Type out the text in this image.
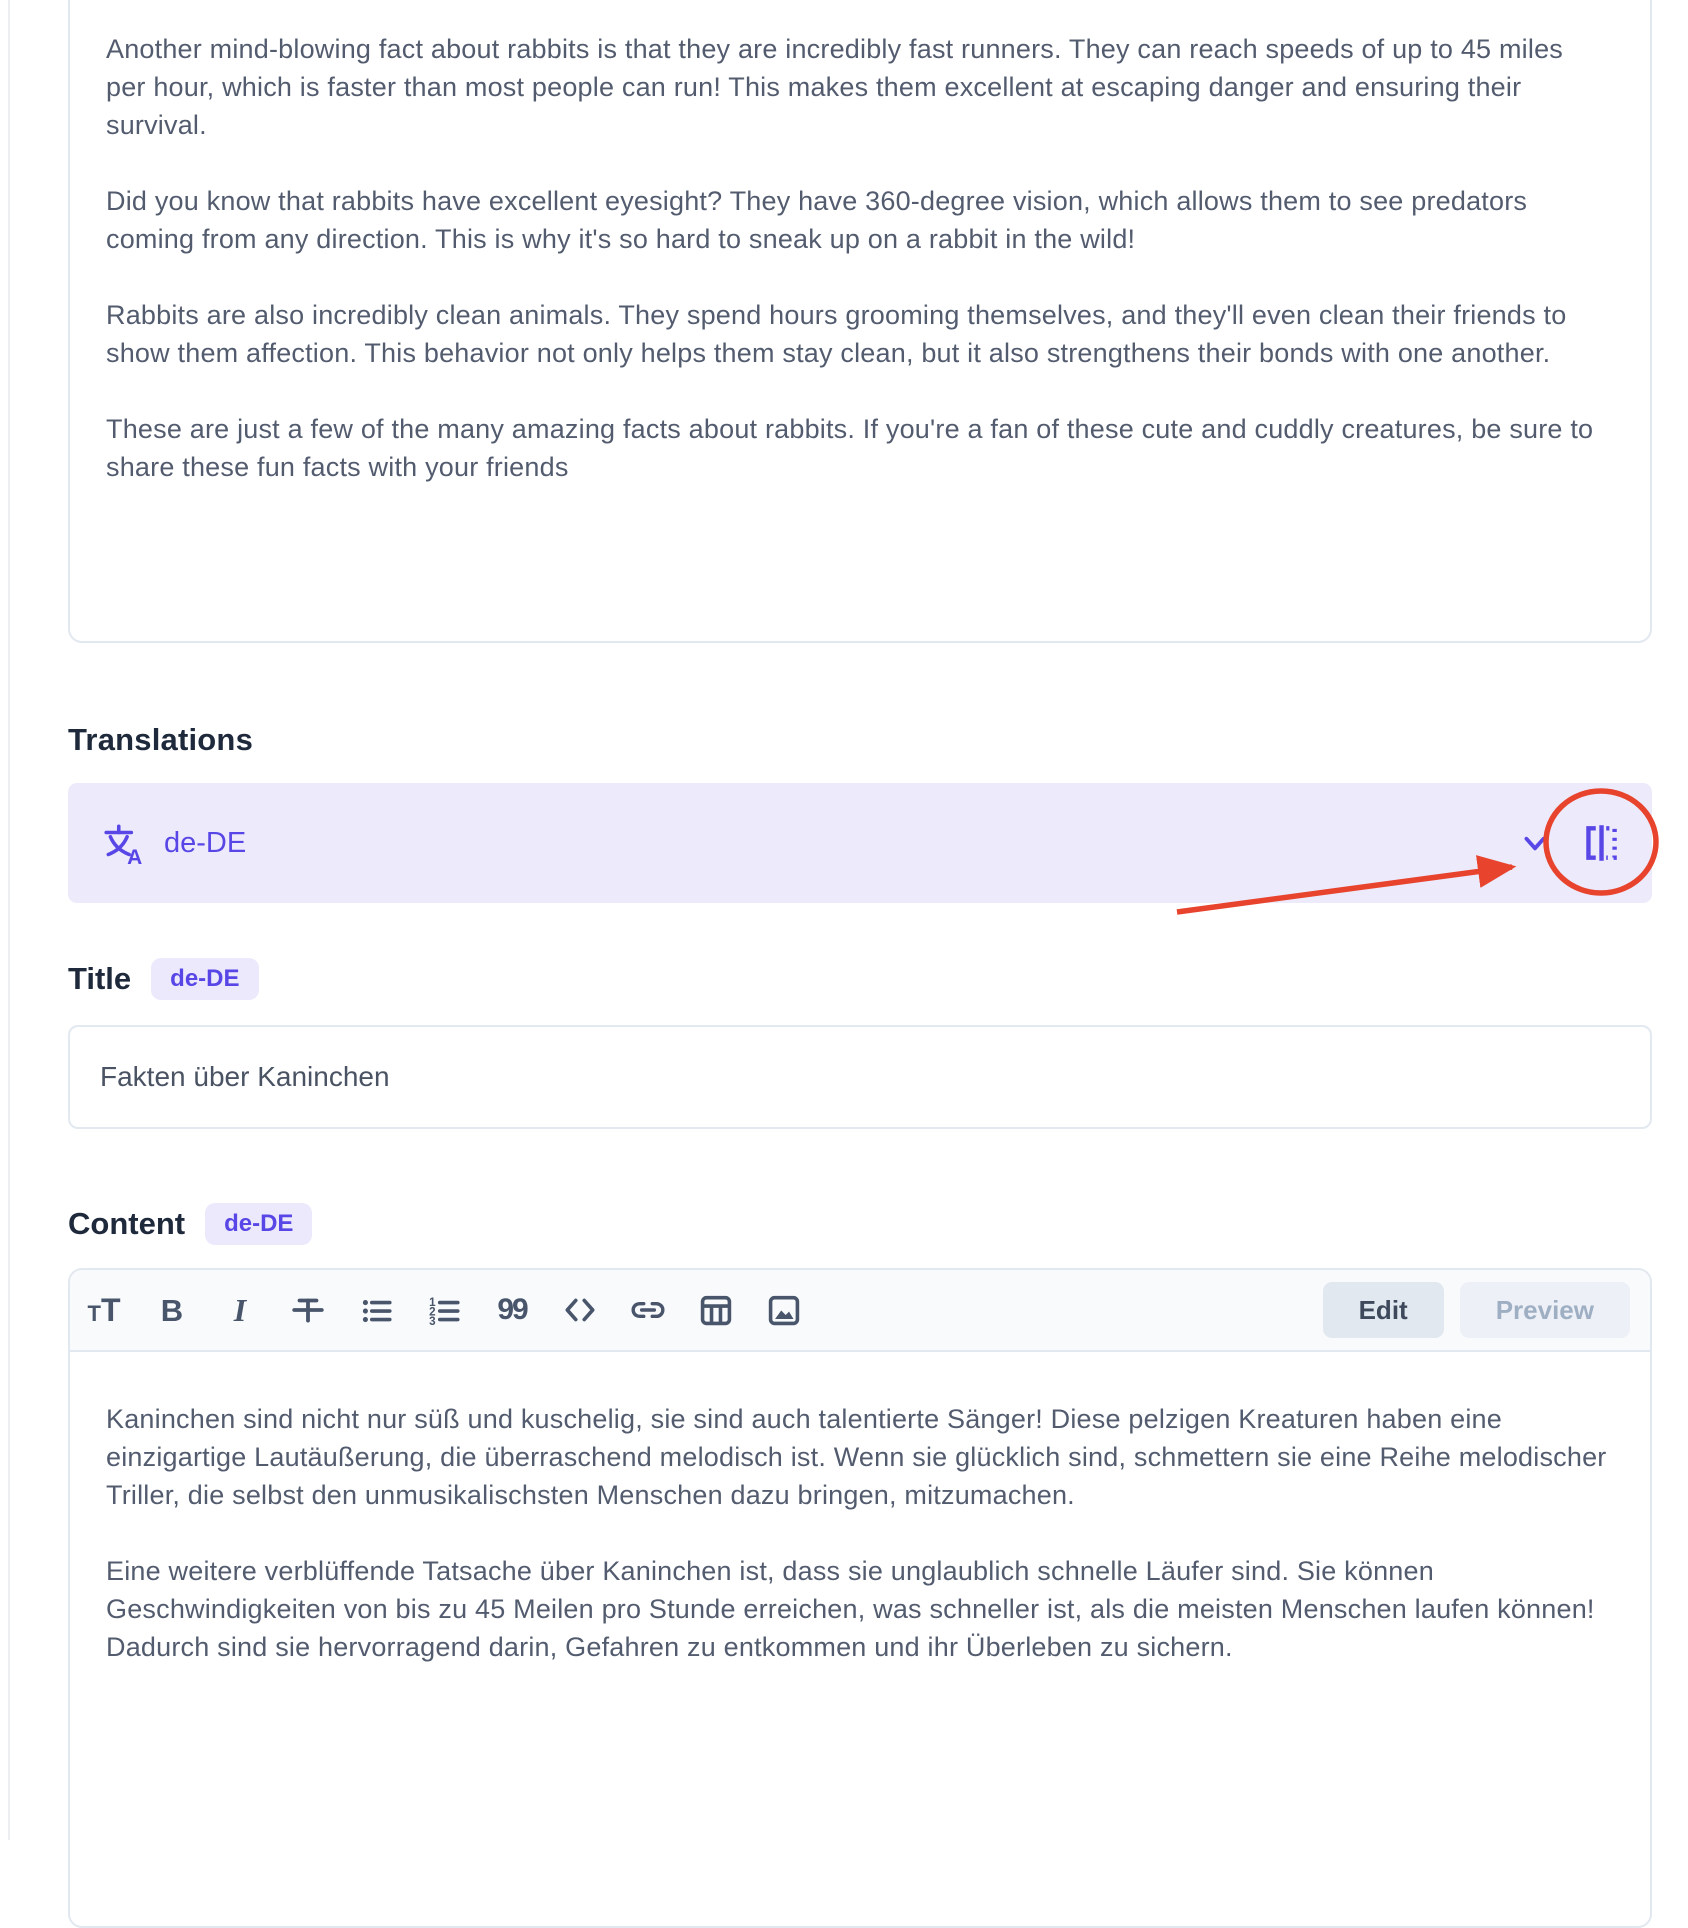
Another mind-blowing fact about rabbits is that they are incredibly fast runners. They can reach speeds of up to 45 miles per hour, which is faster than most people can run! This makes them excellent at escaping danger and ensuring their survival.

Did you know that rabbits have excellent eyesight? They have 360-degree vision, which allows them to see predators coming from any direction. This is why it's so hard to sneak up on a rabbit in the wild!

Rabbits are also incredibly clean animals. They spend hours grooming themselves, and they'll even clean their friends to show them affection. This behavior not only helps them stay clean, but it also strengthens their bonds with one another.

These are just a few of the many amazing facts about rabbits. If you're a fan of these cute and cuddly creatures, be sure to share these fun facts with your friends

Translations
A de-DE
Title	de-DE
Fakten über Kaninchen
Content	de-DE
TT B I	1
2
3 99	Edit	Preview

Kaninchen sind nicht nur süß und kuschelig, sie sind auch talentierte Sänger! Diese pelzigen Kreaturen haben eine einzigartige Lautäußerung, die überraschend melodisch ist. Wenn sie glücklich sind, schmettern sie eine Reihe melodischer Triller, die selbst den unmusikalischsten Menschen dazu bringen, mitzumachen.

Eine weitere verblüffende Tatsache über Kaninchen ist, dass sie unglaublich schnelle Läufer sind. Sie können Geschwindigkeiten von bis zu 45 Meilen pro Stunde erreichen, was schneller ist, als die meisten Menschen laufen können! Dadurch sind sie hervorragend darin, Gefahren zu entkommen und ihr Überleben zu sichern.
